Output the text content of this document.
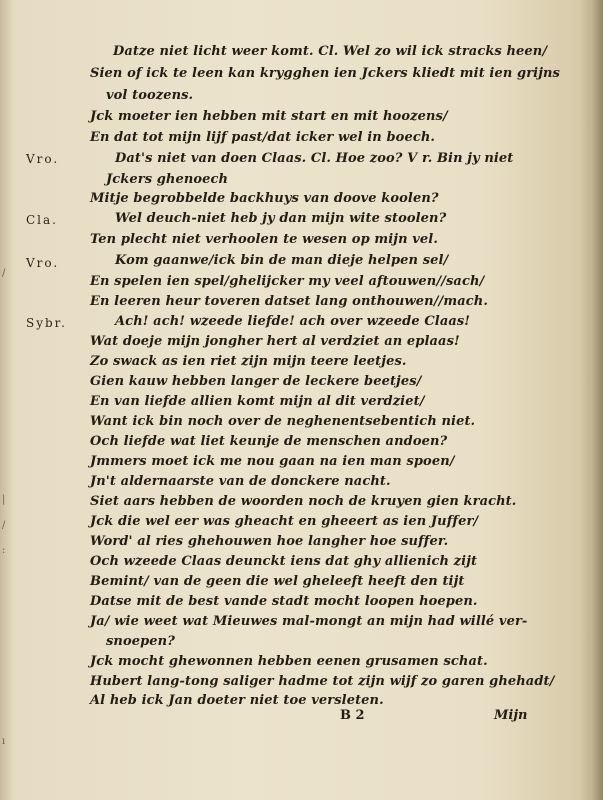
/
|
/
:
ı
Vro.
Cla.
Vro.
Sybr.
Datze niet licht weer komt. Cl. Wel zo wil ick stracks heen/
Sien of ick te leen kan krygghen ien Jckers kliedt mit ien grijns
vol toozens.
Jck moeter ien hebben mit start en mit hoozens/
En dat tot mijn lijf past/dat icker wel in boech.
Dat's niet van doen Claas. Cl. Hoe zoo? V r. Bin jy niet
Jckers ghenoech
Mitje begrobbelde backhuys van doove koolen?
Wel deuch-niet heb jy dan mijn wite stoolen?
Ten plecht niet verhoolen te wesen op mijn vel.
Kom gaanwe/ick bin de man dieje helpen sel/
En spelen ien spel/ghelijcker my veel aftouwen//sach/
En leeren heur toveren datset lang onthouwen//mach.
Ach! ach! wzeede liefde! ach over wzeede Claas!
Wat doeje mijn jongher hert al verdziet an eplaas!
Zo swack as ien riet zijn mijn teere leetjes.
Gien kauw hebben langer de leckere beetjes/
En van liefde allien komt mijn al dit verdziet/
Want ick bin noch over de neghenentsebentich niet.
Och liefde wat liet keunje de menschen andoen?
Jmmers moet ick me nou gaan na ien man spoen/
Jn't aldernaarste van de donckere nacht.
Siet aars hebben de woorden noch de kruyen gien kracht.
Jck die wel eer was gheacht en gheeert as ien Juffer/
Word' al ries ghehouwen hoe langher hoe suffer.
Och wzeede Claas deunckt iens dat ghy allienich zijt
Bemint/ van de geen die wel gheleeft heeft den tijt
Datse mit de best vande stadt mocht loopen hoepen.
Ja/ wie weet wat Mieuwes mal-mongt an mijn had willé ver-
snoepen?
Jck mocht ghewonnen hebben eenen grusamen schat.
Hubert lang-tong saliger hadme tot zijn wijf zo garen ghehadt/
Al heb ick Jan doeter niet toe versleten.
B 2	Mijn
